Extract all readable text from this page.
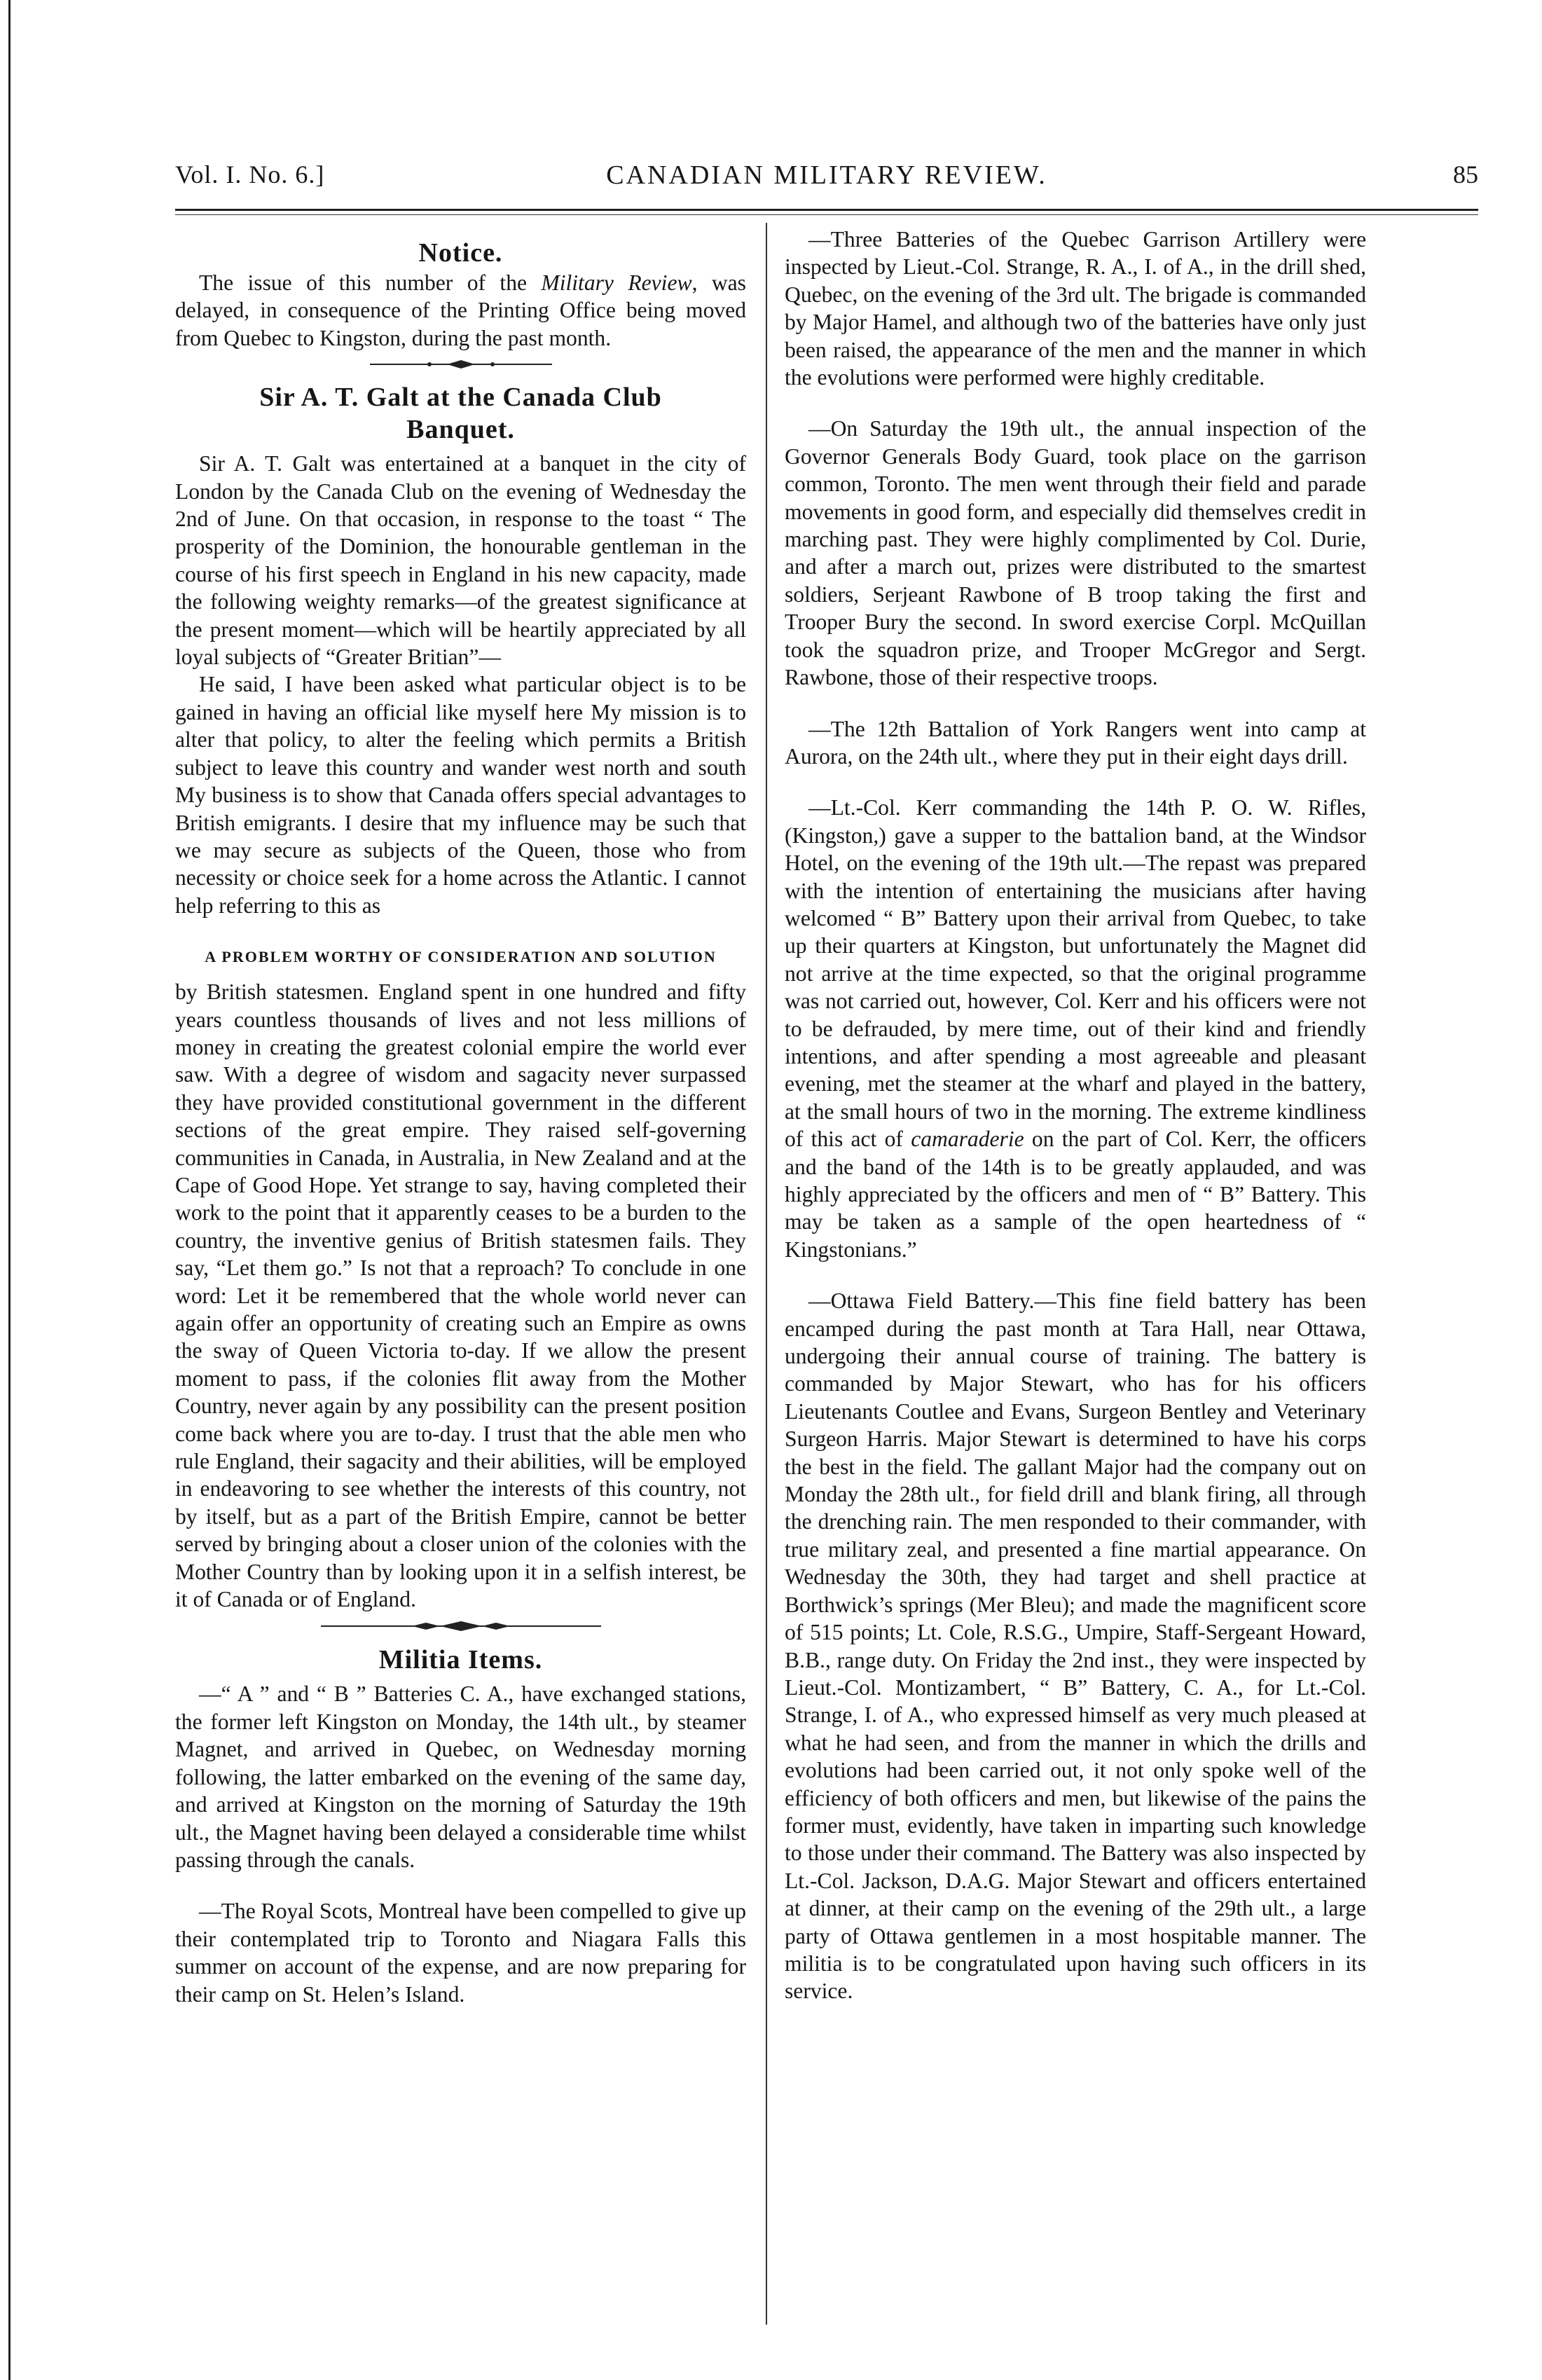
Vol. I. No. 6.]	CANADIAN MILITARY REVIEW.	85
Notice.

The issue of this number of the Military Review, was delayed, in consequence of the Printing Office being moved from Quebec to Kingston, during the past month.

Sir A. T. Galt at the Canada Club
Banquet.

Sir A. T. Galt was entertained at a banquet in the city of London by the Canada Club on the evening of Wednesday the 2nd of June. On that occasion, in response to the toast “ The prosperity of the Dominion, the honourable gentleman in the course of his first speech in England in his new capacity, made the following weighty remarks—of the greatest significance at the present moment—which will be heartily appreciated by all loyal subjects of “Greater Britian”—

He said, I have been asked what particular object is to be gained in having an official like myself here My mission is to alter that policy, to alter the feeling which permits a British subject to leave this country and wander west north and south My business is to show that Canada offers special advantages to British emigrants. I desire that my influence may be such that we may secure as subjects of the Queen, those who from necessity or choice seek for a home across the Atlantic. I cannot help referring to this as

A PROBLEM WORTHY OF CONSIDERATION AND SOLUTION

by British statesmen. England spent in one hundred and fifty years countless thousands of lives and not less millions of money in creating the greatest colonial empire the world ever saw. With a degree of wisdom and sagacity never surpassed they have provided constitutional government in the different sections of the great empire. They raised self-governing communities in Canada, in Australia, in New Zealand and at the Cape of Good Hope. Yet strange to say, having completed their work to the point that it apparently ceases to be a burden to the country, the inventive genius of British statesmen fails. They say, “Let them go.” Is not that a reproach? To conclude in one word: Let it be remembered that the whole world never can again offer an opportunity of creating such an Empire as owns the sway of Queen Victoria to-day. If we allow the present moment to pass, if the colonies flit away from the Mother Country, never again by any possibility can the present position come back where you are to-day. I trust that the able men who rule England, their sagacity and their abilities, will be employed in endeavoring to see whether the interests of this country, not by itself, but as a part of the British Empire, cannot be better served by bringing about a closer union of the colonies with the Mother Country than by looking upon it in a selfish interest, be it of Canada or of England.

Militia Items.

—“ A ” and “ B ” Batteries C. A., have exchanged stations, the former left Kingston on Monday, the 14th ult., by steamer Magnet, and arrived in Quebec, on Wednesday morning following, the latter embarked on the evening of the same day, and arrived at Kingston on the morning of Saturday the 19th ult., the Magnet having been delayed a considerable time whilst passing through the canals.

—The Royal Scots, Montreal have been compelled to give up their contemplated trip to Toronto and Niagara Falls this summer on account of the expense, and are now preparing for their camp on St. Helen’s Island.

—Three Batteries of the Quebec Garrison Artillery were inspected by Lieut.-Col. Strange, R. A., I. of A., in the drill shed, Quebec, on the evening of the 3rd ult. The brigade is commanded by Major Hamel, and although two of the batteries have only just been raised, the appearance of the men and the manner in which the evolutions were performed were highly creditable.

—On Saturday the 19th ult., the annual inspection of the Governor Generals Body Guard, took place on the garrison common, Toronto. The men went through their field and parade movements in good form, and especially did themselves credit in marching past. They were highly complimented by Col. Durie, and after a march out, prizes were distributed to the smartest soldiers, Serjeant Rawbone of B troop taking the first and Trooper Bury the second. In sword exercise Corpl. McQuillan took the squadron prize, and Trooper McGregor and Sergt. Rawbone, those of their respective troops.

—The 12th Battalion of York Rangers went into camp at Aurora, on the 24th ult., where they put in their eight days drill.

—Lt.-Col. Kerr commanding the 14th P. O. W. Rifles, (Kingston,) gave a supper to the battalion band, at the Windsor Hotel, on the evening of the 19th ult.—The repast was prepared with the intention of entertaining the musicians after having welcomed “ B” Battery upon their arrival from Quebec, to take up their quarters at Kingston, but unfortunately the Magnet did not arrive at the time expected, so that the original programme was not carried out, however, Col. Kerr and his officers were not to be defrauded, by mere time, out of their kind and friendly intentions, and after spending a most agreeable and pleasant evening, met the steamer at the wharf and played in the battery, at the small hours of two in the morning. The extreme kindliness of this act of camaraderie on the part of Col. Kerr, the officers and the band of the 14th is to be greatly applauded, and was highly appreciated by the officers and men of “ B” Battery. This may be taken as a sample of the open heartedness of “ Kingstonians.”

—Ottawa Field Battery.—This fine field battery has been encamped during the past month at Tara Hall, near Ottawa, undergoing their annual course of training. The battery is commanded by Major Stewart, who has for his officers Lieutenants Coutlee and Evans, Surgeon Bentley and Veterinary Surgeon Harris. Major Stewart is determined to have his corps the best in the field. The gallant Major had the company out on Monday the 28th ult., for field drill and blank firing, all through the drenching rain. The men responded to their commander, with true military zeal, and presented a fine martial appearance. On Wednesday the 30th, they had target and shell practice at Borthwick’s springs (Mer Bleu); and made the magnificent score of 515 points; Lt. Cole, R.S.G., Umpire, Staff-Sergeant Howard, B.B., range duty. On Friday the 2nd inst., they were inspected by Lieut.-Col. Montizambert, “ B” Battery, C. A., for Lt.-Col. Strange, I. of A., who expressed himself as very much pleased at what he had seen, and from the manner in which the drills and evolutions had been carried out, it not only spoke well of the efficiency of both officers and men, but likewise of the pains the former must, evidently, have taken in imparting such knowledge to those under their command. The Battery was also inspected by Lt.-Col. Jackson, D.A.G. Major Stewart and officers entertained at dinner, at their camp on the evening of the 29th ult., a large party of Ottawa gentlemen in a most hospitable manner. The militia is to be congratulated upon having such officers in its service.
